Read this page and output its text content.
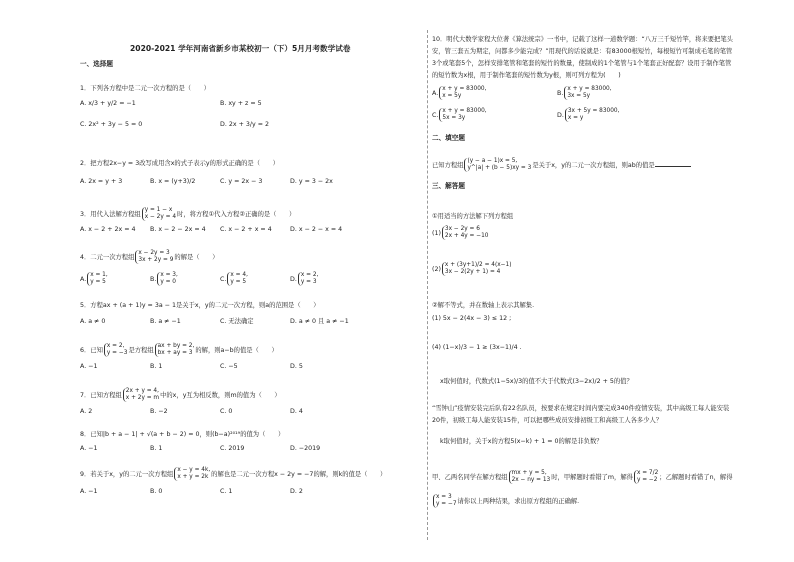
2020-2021 学年河南省新乡市某校初一（下）5月月考数学试卷
一、选择题
1．下列各方程中是二元一次方程的是（　　）
A. x/3 + y/2 = −1	B. xy + z = 5
C. 2x² + 3y − 5 = 0	D. 2x + 3/y = 2
2．把方程2x−y = 3改写成用含x的式子表示y的形式正确的是（　　）
A. 2x = y + 3	B. x = (y+3)/2	C. y = 2x − 3	D. y = 3 − 2x
3．用代入法解方程组
y = 1 − x
x − 2y = 4 时，将方程①代入方程②正确的是（　　）
A. x − 2 + 2x = 4 B. x − 2 − 2x = 4 C. x − 2 + x = 4	D. x − 2 − x = 4
4．二元一次方程组
x − 2y = 3
3x + 2y = 9 的解是（　　）
A.
x = 1,
y = 5	B.
x = 3,
y = 0	C.
x = 4,
y = 5	D.
x = 2,
y = 3
5．方程ax + (a + 1)y = 3a − 1是关于x，y的二元一次方程，则a的范围是（　　）
A. a ≠ 0	B. a ≠ −1	C. 无法确定	D. a ≠ 0 且 a ≠ −1
6．已知
x = 2,
y = −3 是方程组
ax + by = 2,
bx + ay = 3 的解，则a−b的值是（　　）
A. −1	B. 1	C. −5	D. 5
7．已知方程组
2x + y = 4,
x + 2y = m 中的x，y互为相反数，则m的值为（　　）
A. 2	B. −2	C. 0	D. 4
8．已知|b + a − 1| + √(a + b − 2) = 0，则(b−a)²⁰¹⁹的值为（　　）
A. −1	B. 1	C. 2019	D. −2019
9．若关于x，y的二元一次方程组
x − y = 4k,
x + y = 2k 的解也是二元一次方程x − 2y = −7的解，则k的值是（　　）
A. −1	B. 0	C. 1	D. 2
10．明代大数学家程大位著《算法统宗》一书中，记载了这样一道数学题：“八万三千短竹竿，将来要把笔头
安，管三套五为期定，问都多少能完成？”用现代的话说就是：有83000根短竹，每根短竹可制成毛笔的笔管
3个或笔套5个，怎样安排笔管和笔套的短竹的数量，使制成的1个笔管与1个笔套正好配套？设用于制作笔管
的短竹数为x根，用于制作笔套的短竹数为y根，则可列方程为(　　)
A.
x + y = 83000,
x = 5y	B.
x + y = 83000,
3x = 5y
C.
x + y = 83000,
5x = 3y	D.
3x + 5y = 83000,
x = y
二、填空题
已知方程组
(y − a − 1)x = 5,
y^|a| + (b − 5)xy = 3 是关于x，y的二元一次方程组，则ab的值是
三、解答题
①用适当的方法解下列方程组
(1)
3x − 2y = 6
2x + 4y = −10
(2)
x + (3y+1)/2 = 4(x−1)
3x − 2(2y + 1) = 4
②解不等式，并在数轴上表示其解集.
(1) 5x − 2(4x − 3) ≤ 12 ;
(4) (1−x)/3 − 1 ≥ (3x−1)/4 .
x取何值时，代数式(1−5x)/3的值不大于代数式(3−2x)/2 + 5的值？
“雪钟山”疫情安装完后队有22名队员，按要求在规定时间内要完成340件疫情安装，其中高级工每人能安装
20件，初级工每人能安装15件，可以把哪些成员安排初级工和高级工人各多少人？
k取何值时，关于x的方程5(x−k) + 1 = 0的解是非负数？
甲、乙两名同学在解方程组
mx + y = 5,
2x − ny = 13 时，甲解题时看错了m，解得
x = 7/2
y = −2 ；乙解题时看错了n，解得
x = 3
y = −7 请你以上两种结果，求出原方程组的正确解.
